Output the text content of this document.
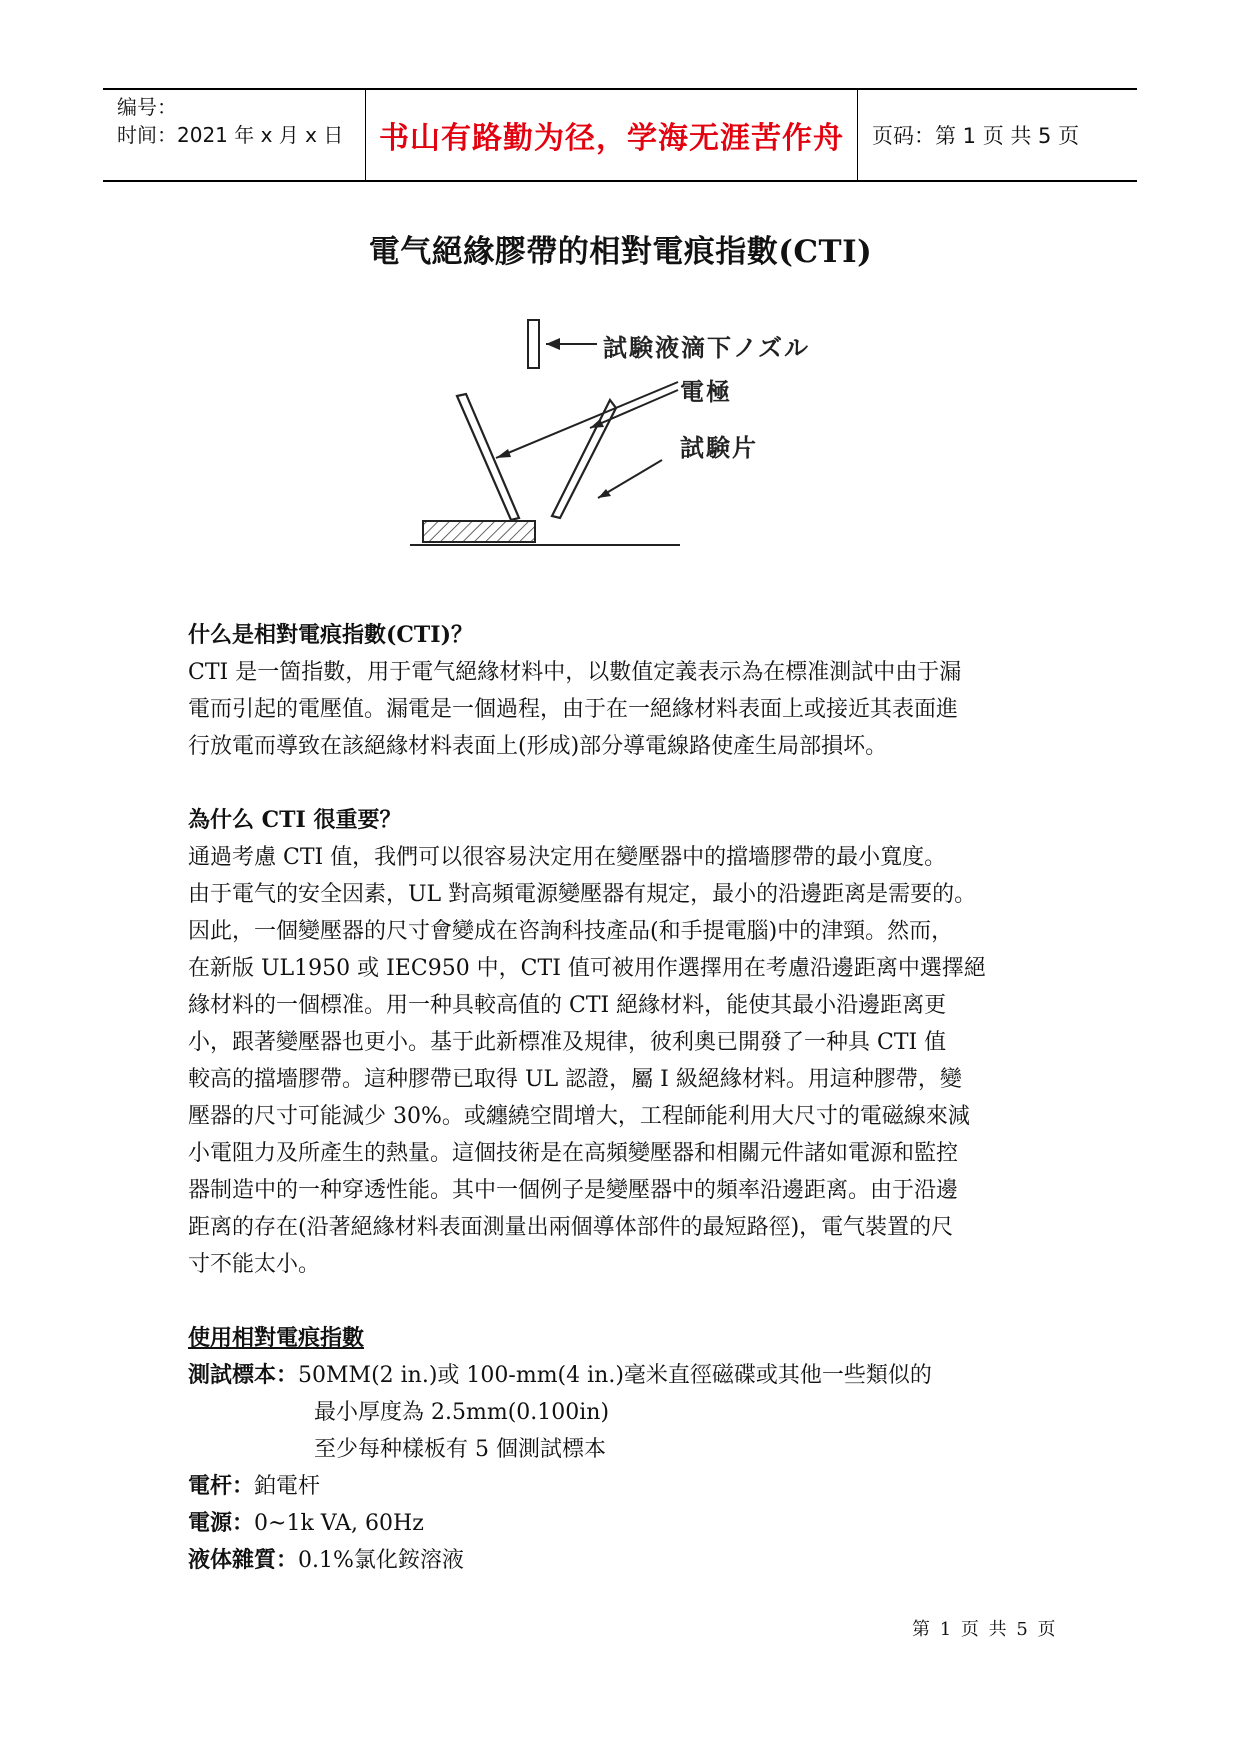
编号：
时间：2021 年 x 月 x 日	书山有路勤为径，学海无涯苦作舟	页码：第 1 页 共 5 页
電气絕緣膠帶的相對電痕指數(CTI)
試験液滴下ノズル
電極
試験片
什么是相對電痕指數(CTI)？
CTI 是一箇指數，用于電气絕緣材料中，以數值定義表示為在標准測試中由于漏
電而引起的電壓值。漏電是一個過程，由于在一絕緣材料表面上或接近其表面進
行放電而導致在該絕緣材料表面上(形成)部分導電線路使產生局部損坏。
為什么 CTI 很重要？
通過考慮 CTI 值，我們可以很容易決定用在變壓器中的擋墻膠帶的最小寬度。
由于電气的安全因素，UL 對高頻電源變壓器有規定，最小的沿邊距离是需要的。
因此，一個變壓器的尺寸會變成在咨詢科技產品(和手提電腦)中的津頸。然而，
在新版 UL1950 或 IEC950 中，CTI 值可被用作選擇用在考慮沿邊距离中選擇絕
緣材料的一個標准。用一种具較高值的 CTI 絕緣材料，能使其最小沿邊距离更
小，跟著變壓器也更小。基于此新標准及規律，彼利奧已開發了一种具 CTI 值
較高的擋墻膠帶。這种膠帶已取得 UL 認證，屬 I 級絕緣材料。用這种膠帶，變
壓器的尺寸可能減少 30%。或纏繞空間增大，工程師能利用大尺寸的電磁線來減
小電阻力及所產生的熱量。這個技術是在高頻變壓器和相關元件諸如電源和監控
器制造中的一种穿透性能。其中一個例子是變壓器中的頻率沿邊距离。由于沿邊
距离的存在(沿著絕緣材料表面測量出兩個導体部件的最短路徑)，電气裝置的尺
寸不能太小。
使用相對電痕指數
測試標本：50MM(2 in.)或 100-mm(4 in.)毫米直徑磁碟或其他一些類似的
最小厚度為 2.5mm(0.100in)
至少每种樣板有 5 個測試標本
電杆：鉑電杆
電源：0~1k VA, 60Hz
液体雜質：0.1%氯化銨溶液
第 1 页 共 5 页
